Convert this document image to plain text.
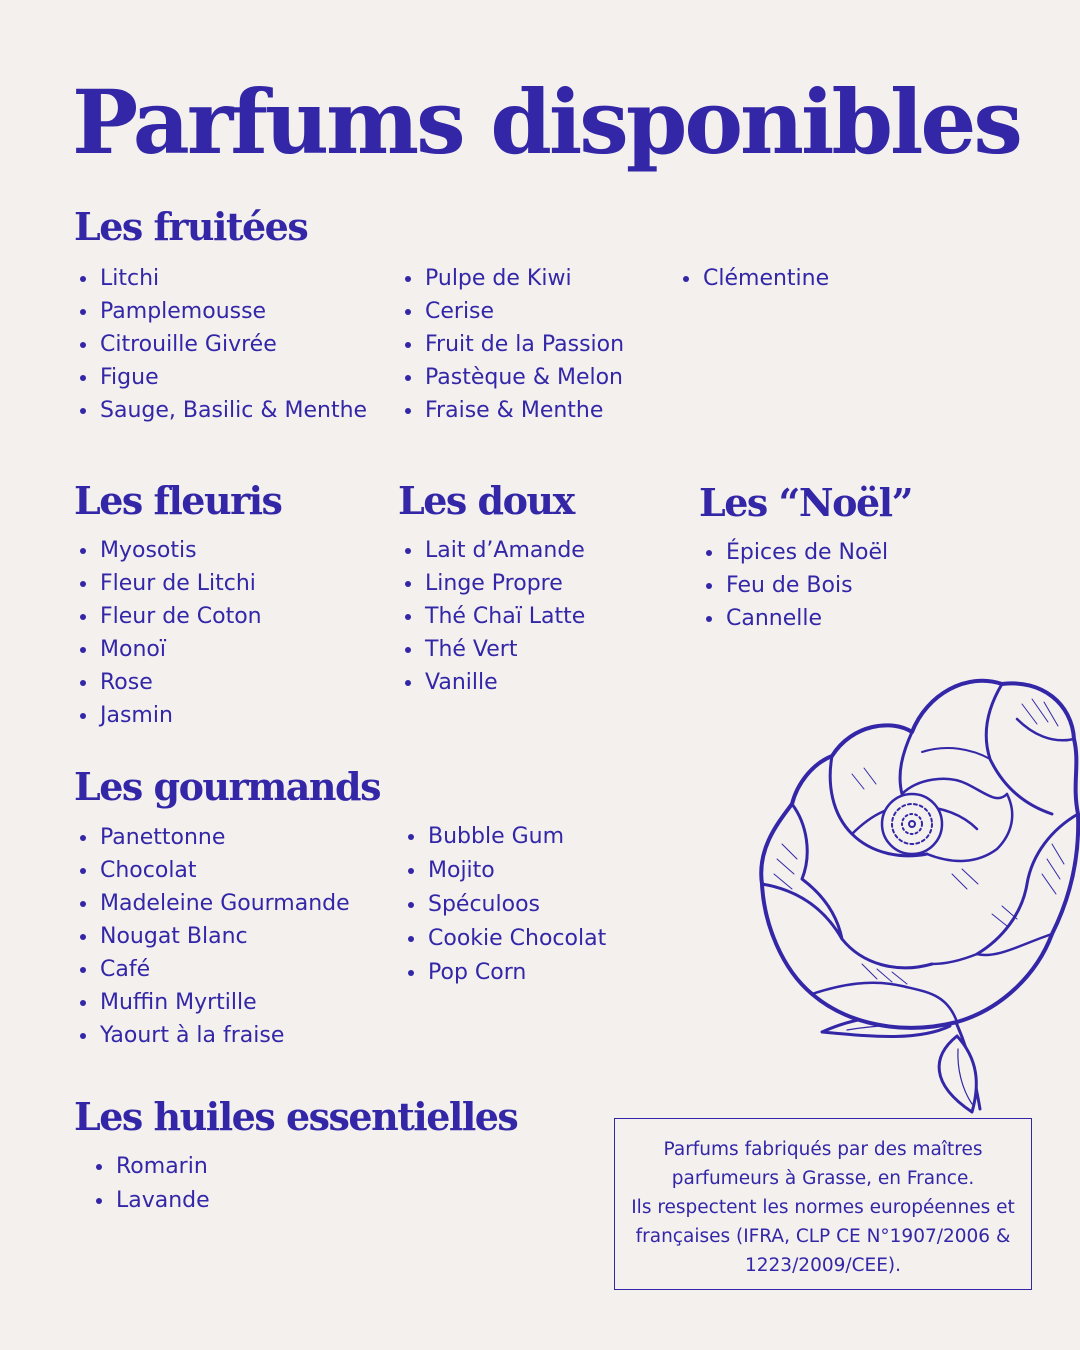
Parfums disponibles
Les fruitées
Litchi
Pamplemousse
Citrouille Givrée
Figue
Sauge, Basilic & Menthe
Pulpe de Kiwi
Cerise
Fruit de la Passion
Pastèque & Melon
Fraise & Menthe
Clémentine
Les fleuris
Myosotis
Fleur de Litchi
Fleur de Coton
Monoï
Rose
Jasmin
Les doux
Lait d’Amande
Linge Propre
Thé Chaï Latte
Thé Vert
Vanille
Les “Noël”
Épices de Noël
Feu de Bois
Cannelle
Les gourmands
Panettonne
Chocolat
Madeleine Gourmande
Nougat Blanc
Café
Muffin Myrtille
Yaourt à la fraise
Bubble Gum
Mojito
Spéculoos
Cookie Chocolat
Pop Corn
Les huiles essentielles
Romarin
Lavande
Parfums fabriqués par des maîtres
parfumeurs à Grasse, en France.
Ils respectent les normes européennes et
françaises (IFRA, CLP CE N°1907/2006 &
1223/2009/CEE).
